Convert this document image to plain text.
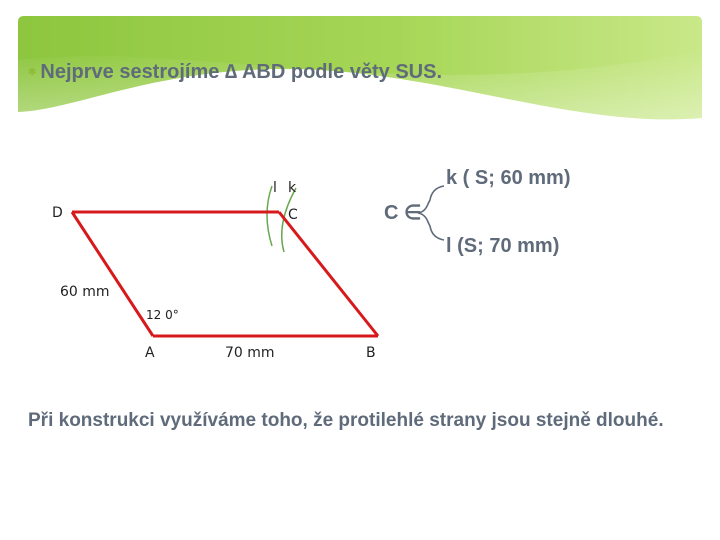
✱ Nejprve sestrojíme ∆ ABD podle věty SUS.
D	C
A	B
l k
60 mm
12 0°
70 mm
C ∈
k ( S; 60 mm)
l (S; 70 mm)
Při konstrukci využíváme toho, že protilehlé strany jsou stejně dlouhé.
